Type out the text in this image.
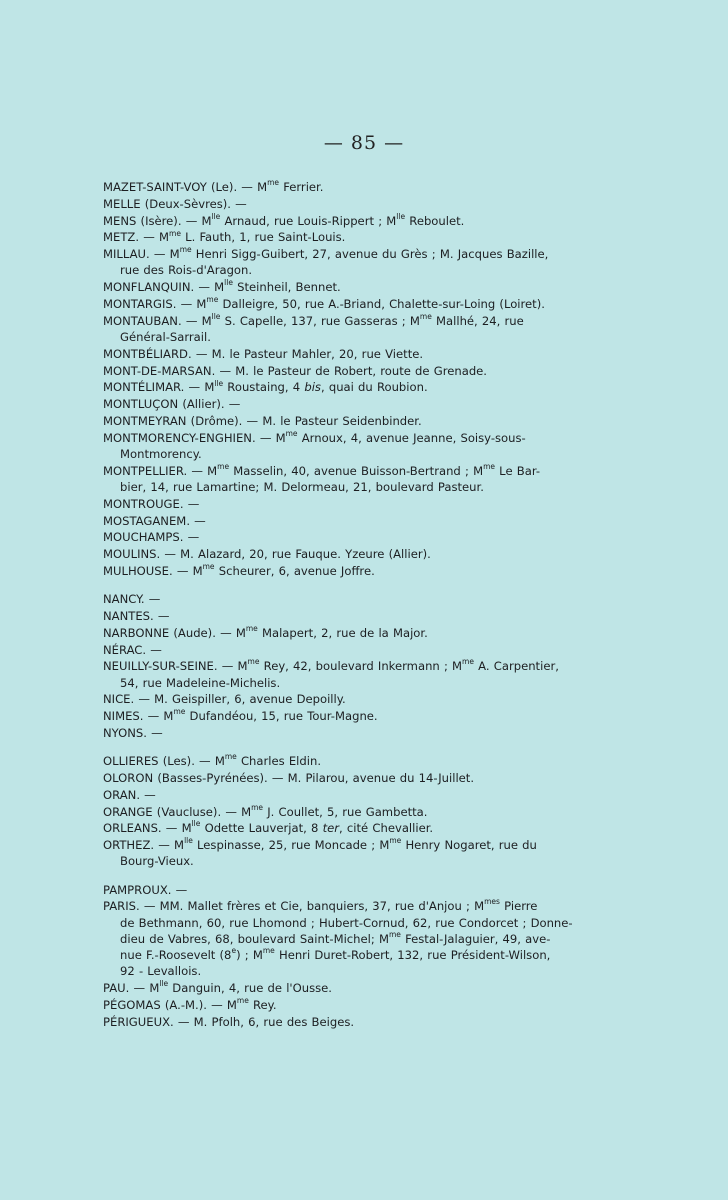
— 85 —
MAZET-SAINT-VOY (Le). — $M^{me}$ Ferrier.
MELLE (Deux-Sèvres). —
MENS (Isère). — $M^{lle}$ Arnaud, rue Louis-Rippert ; $M^{lle}$ Reboulet.
METZ. — $M^{me}$ L. Fauth, 1, rue Saint-Louis.
MILLAU. — $M^{me}$ Henri Sigg-Guibert, 27, avenue du Grès ; M. Jacques Bazille,
rue des Rois-d'Aragon.
MONFLANQUIN. — $M^{lle}$ Steinheil, Bennet.
MONTARGIS. — $M^{me}$ Dalleigre, 50, rue A.-Briand, Chalette-sur-Loing (Loiret).
MONTAUBAN. — $M^{lle}$ S. Capelle, 137, rue Gasseras ; $M^{me}$ Mallhé, 24, rue
Général-Sarrail.
MONTBÉLIARD. — M. le Pasteur Mahler, 20, rue Viette.
MONT-DE-MARSAN. — M. le Pasteur de Robert, route de Grenade.
MONTÉLIMAR. — $M^{lle}$ Roustaing, 4 bis, quai du Roubion.
MONTLUÇON (Allier). —
MONTMEYRAN (Drôme). — M. le Pasteur Seidenbinder.
MONTMORENCY-ENGHIEN. — $M^{me}$ Arnoux, 4, avenue Jeanne, Soisy-sous-
Montmorency.
MONTPELLIER. — $M^{me}$ Masselin, 40, avenue Buisson-Bertrand ; $M^{me}$ Le Bar-
bier, 14, rue Lamartine; M. Delormeau, 21, boulevard Pasteur.
MONTROUGE. —
MOSTAGANEM. —
MOUCHAMPS. —
MOULINS. — M. Alazard, 20, rue Fauque. Yzeure (Allier).
MULHOUSE. — $M^{me}$ Scheurer, 6, avenue Joffre.
NANCY. —
NANTES. —
NARBONNE (Aude). — $M^{me}$ Malapert, 2, rue de la Major.
NÉRAC. —
NEUILLY-SUR-SEINE. — $M^{me}$ Rey, 42, boulevard Inkermann ; $M^{me}$ A. Carpentier,
54, rue Madeleine-Michelis.
NICE. — M. Geispiller, 6, avenue Depoilly.
NIMES. — $M^{me}$ Dufandéou, 15, rue Tour-Magne.
NYONS. —
OLLIERES (Les). — $M^{me}$ Charles Eldin.
OLORON (Basses-Pyrénées). — M. Pilarou, avenue du 14-Juillet.
ORAN. —
ORANGE (Vaucluse). — $M^{me}$ J. Coullet, 5, rue Gambetta.
ORLEANS. — $M^{lle}$ Odette Lauverjat, 8 ter, cité Chevallier.
ORTHEZ. — $M^{lle}$ Lespinasse, 25, rue Moncade ; $M^{me}$ Henry Nogaret, rue du
Bourg-Vieux.
PAMPROUX. —
PARIS. — MM. Mallet frères et Cie, banquiers, 37, rue d'Anjou ; $M^{mes}$ Pierre
de Bethmann, 60, rue Lhomond ; Hubert-Cornud, 62, rue Condorcet ; Donne-
dieu de Vabres, 68, boulevard Saint-Michel; $M^{me}$ Festal-Jalaguier, 49, ave-
nue F.-Roosevelt (8e) ; $M^{me}$ Henri Duret-Robert, 132, rue Président-Wilson,
92 - Levallois.
PAU. — $M^{lle}$ Danguin, 4, rue de l'Ousse.
PÉGOMAS (A.-M.). — $M^{me}$ Rey.
PÉRIGUEUX. — M. Pfolh, 6, rue des Beiges.
